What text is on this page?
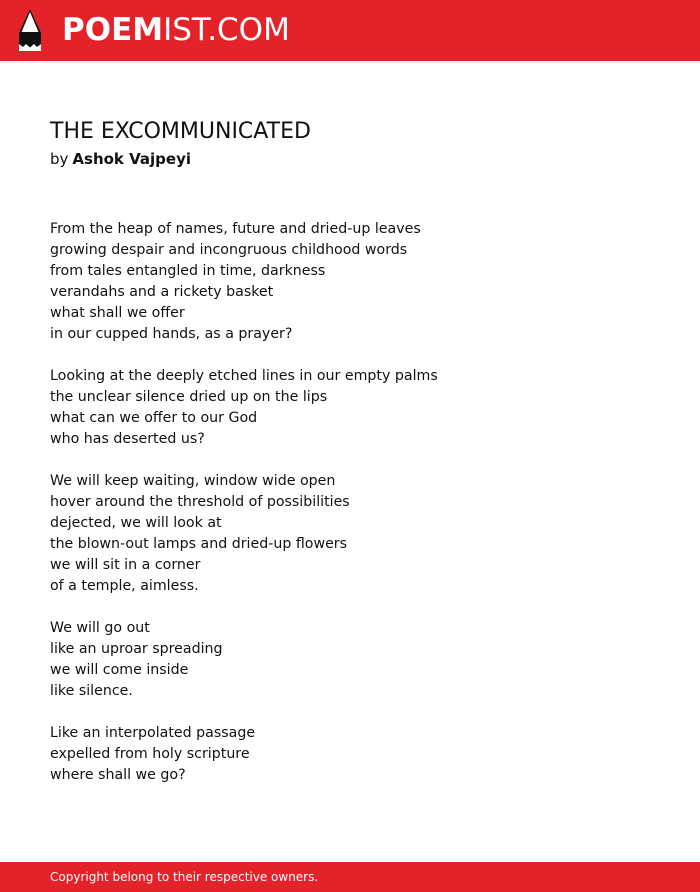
POEMIST.COM
THE EXCOMMUNICATED
by Ashok Vajpeyi
From the heap of names, future and dried-up leaves
growing despair and incongruous childhood words
from tales entangled in time, darkness
verandahs and a rickety basket
what shall we offer
in our cupped hands, as a prayer?
Looking at the deeply etched lines in our empty palms
the unclear silence dried up on the lips
what can we offer to our God
who has deserted us?
We will keep waiting, window wide open
hover around the threshold of possibilities
dejected, we will look at
the blown-out lamps and dried-up flowers
we will sit in a corner
of a temple, aimless.
We will go out
like an uproar spreading
we will come inside
like silence.
Like an interpolated passage
expelled from holy scripture
where shall we go?
Copyright belong to their respective owners.
